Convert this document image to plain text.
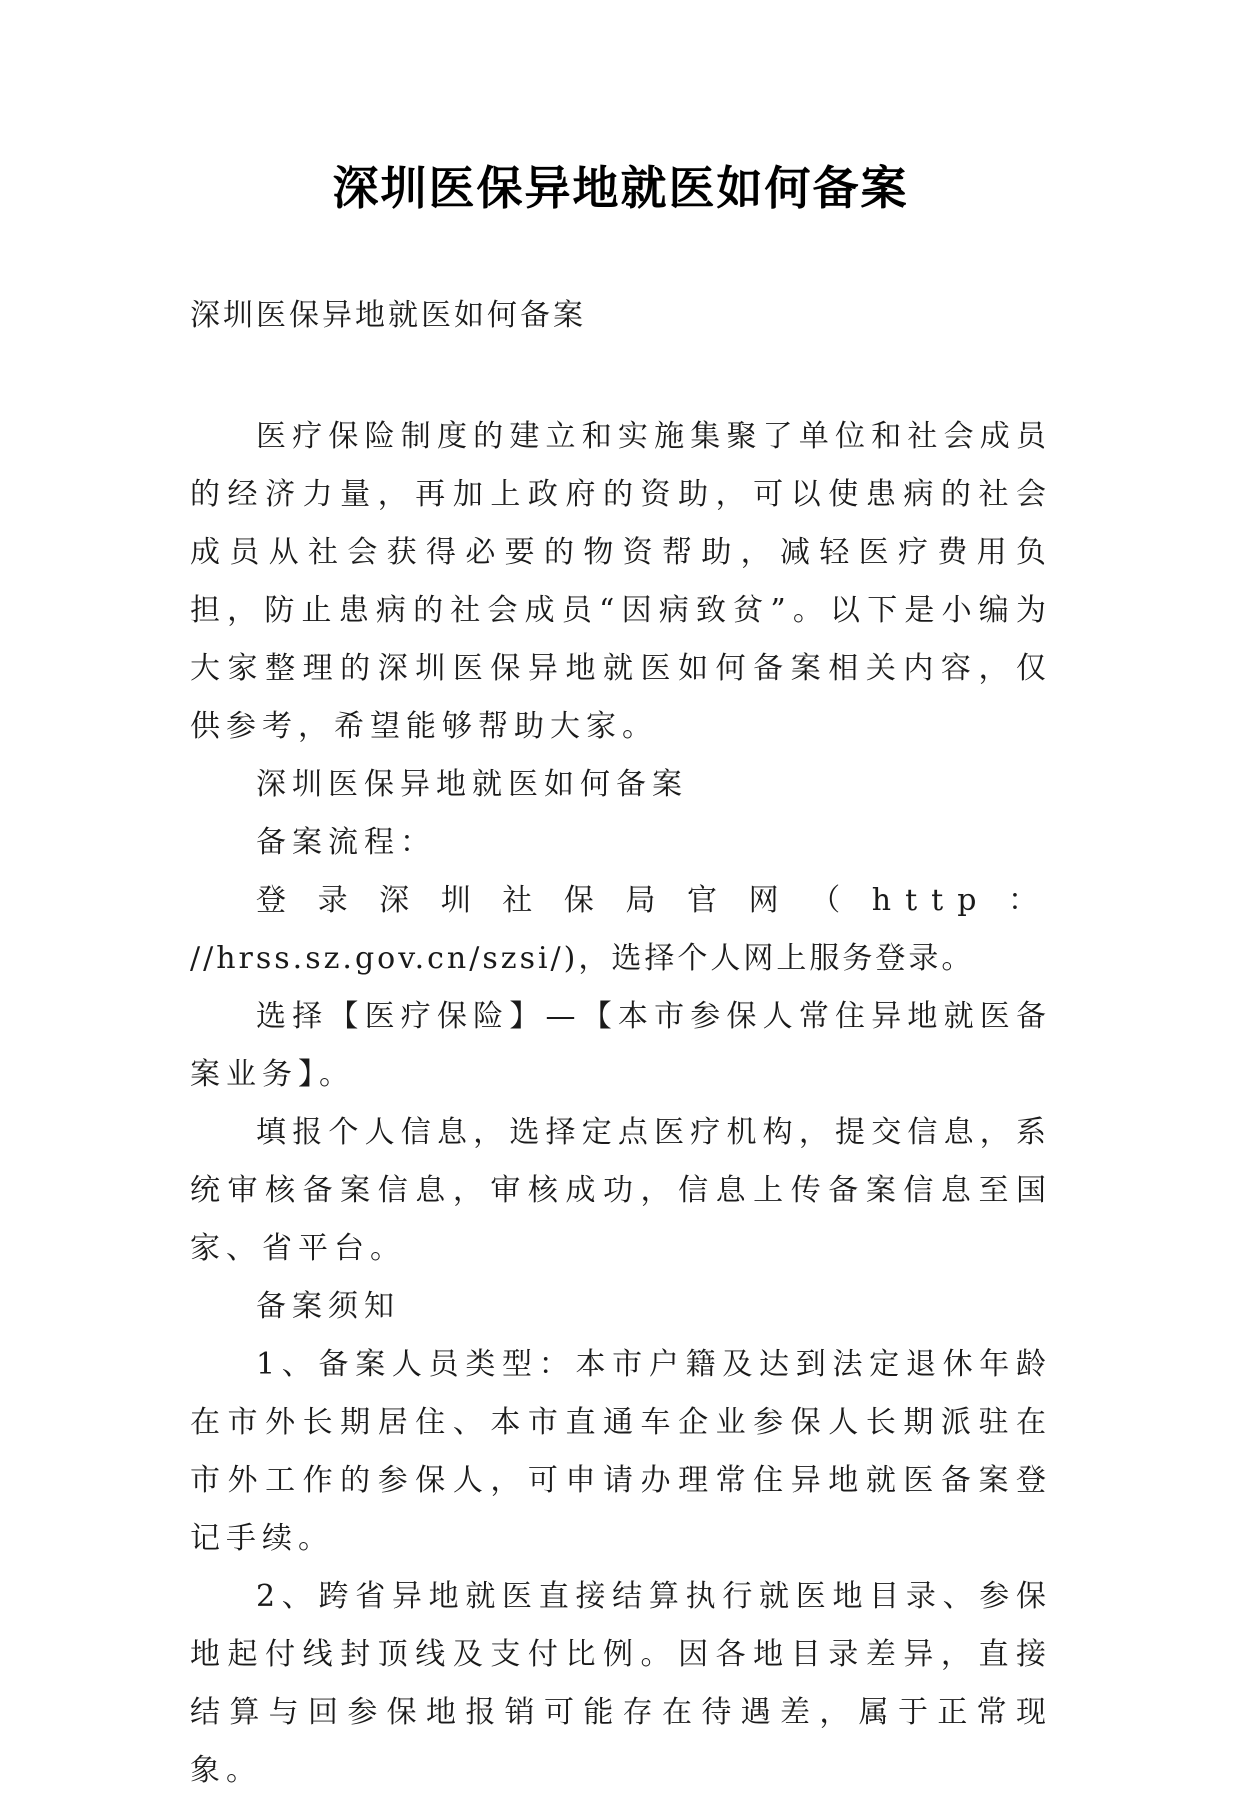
深圳医保异地就医如何备案
深圳医保异地就医如何备案

医疗保险制度的建立和实施集聚了单位和社会成员的经济力量，再加上政府的资助，可以使患病的社会成员从社会获得必要的物资帮助，减轻医疗费用负担，防止患病的社会成员“因病致贫”。以下是小编为大家整理的深圳医保异地就医如何备案相关内容，仅供参考，希望能够帮助大家。

深圳医保异地就医如何备案

备案流程：

登录深圳社保局官网（http：

//hrss.sz.gov.cn/szsi/)，选择个人网上服务登录。

选择【医疗保险】—【本市参保人常住异地就医备案业务】。

填报个人信息，选择定点医疗机构，提交信息，系统审核备案信息，审核成功，信息上传备案信息至国家、省平台。

备案须知

1、备案人员类型：本市户籍及达到法定退休年龄在市外长期居住、本市直通车企业参保人长期派驻在市外工作的参保人，可申请办理常住异地就医备案登记手续。

2、跨省异地就医直接结算执行就医地目录、参保地起付线封顶线及支付比例。因各地目录差异，直接结算与回参保地报销可能存在待遇差，属于正常现象。
